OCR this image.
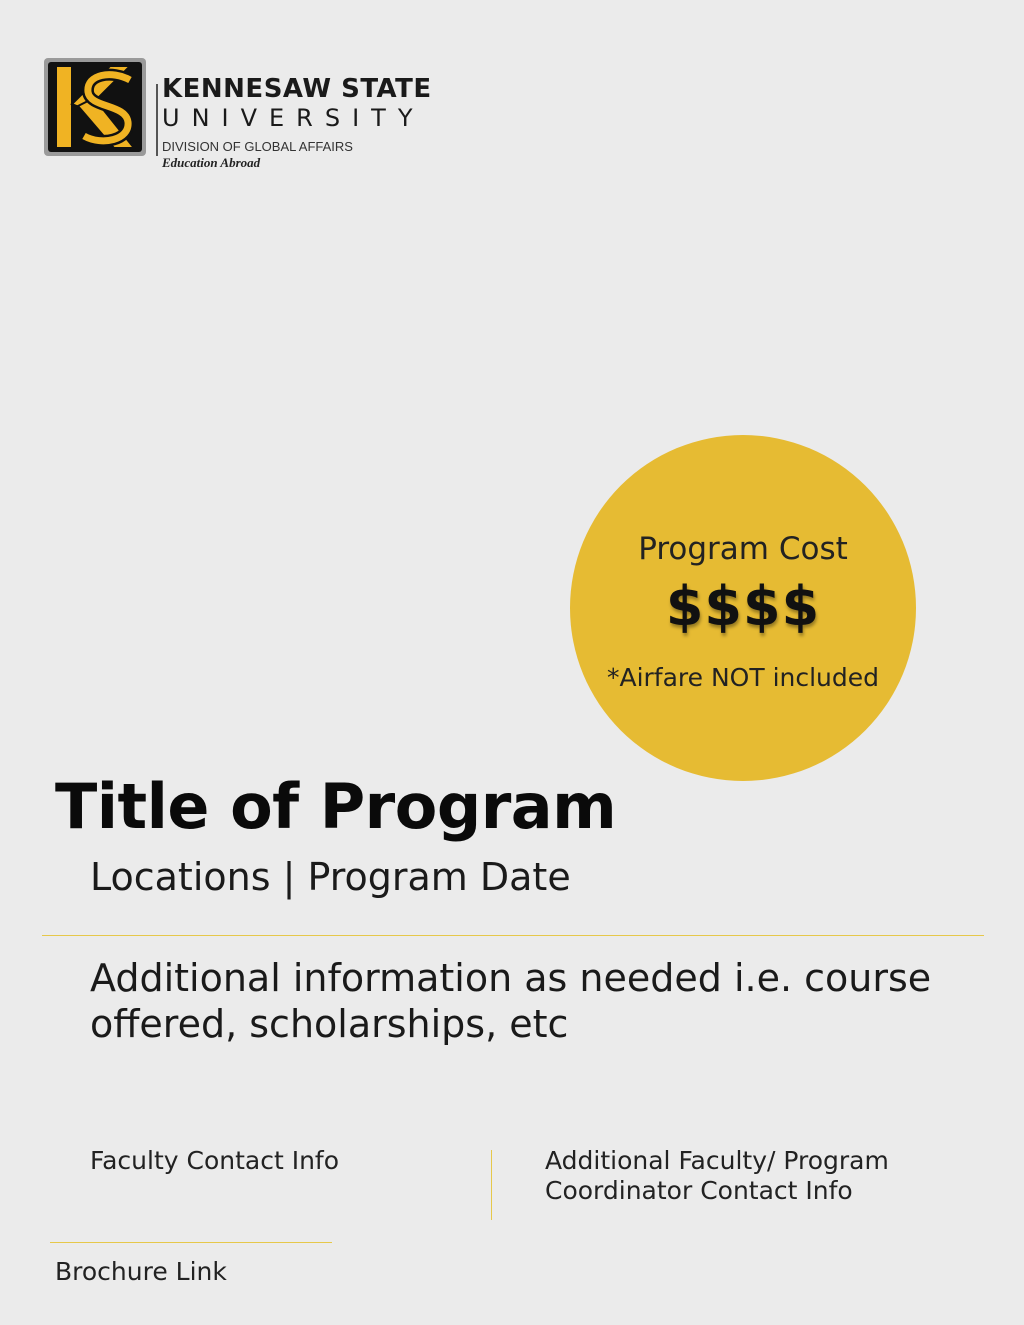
KENNESAW STATE
UNIVERSITY
DIVISION OF GLOBAL AFFAIRS
Education Abroad
Program Cost
$$$$
*Airfare NOT included
Title of Program
Locations | Program Date
Additional information as needed i.e. course offered, scholarships, etc
Faculty Contact Info	Additional Faculty/ Program Coordinator Contact Info
Brochure Link
